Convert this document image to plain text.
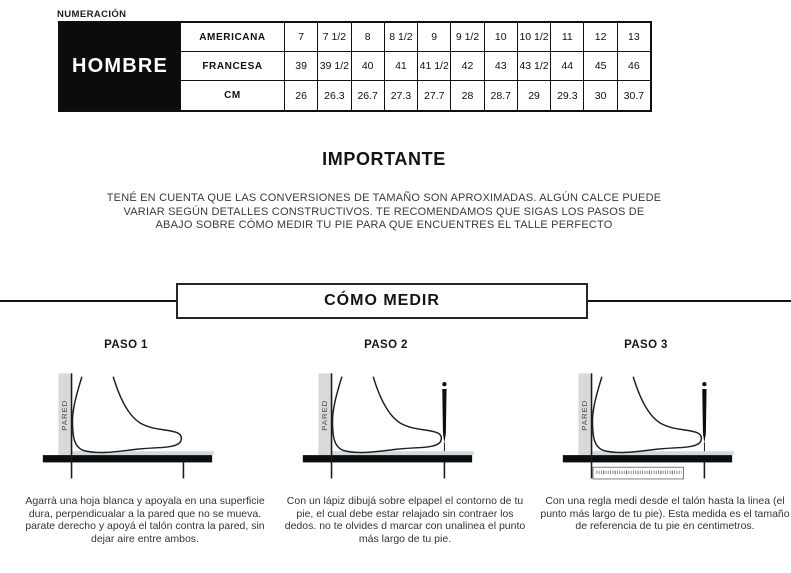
NUMERACIÓN
HOMBRE
AMERICANA	7	7 1/2	8	8 1/2	9	9 1/2	10	10 1/2	11	12	13
FRANCESA	39	39 1/2	40	41	41 1/2	42	43	43 1/2	44	45	46
CM	26	26.3	26.7	27.3	27.7	28	28.7	29	29.3	30	30.7
IMPORTANTE
TENÉ EN CUENTA QUE LAS CONVERSIONES DE TAMAÑO SON APROXIMADAS. ALGÚN CALCE PUEDE VARIAR SEGÚN DETALLES CONSTRUCTIVOS. TE RECOMENDAMOS QUE SIGAS LOS PASOS DE ABAJO SOBRE CÓMO MEDIR TU PIE PARA QUE ENCUENTRES EL TALLE PERFECTO
CÓMO MEDIR
PASO 1
PARED
Agarrà una hoja blanca y apoyala en una superficie dura, perpendicualar a la pared que no se mueva. parate derecho y apoyá el talón contra la pared, sin dejar aire entre ambos.
PASO 2
PARED
Con un lápiz dibujá sobre elpapel el contorno de tu pie, el cual debe estar relajado sin contraer los dedos. no te olvides d marcar con unalinea el punto más largo de tu pie.
PASO 3
PARED
Con una regla medi desde el talón hasta la linea (el punto más largo de tu pie). Esta medida es el tamaño de referencia de tu pie en centimetros.
